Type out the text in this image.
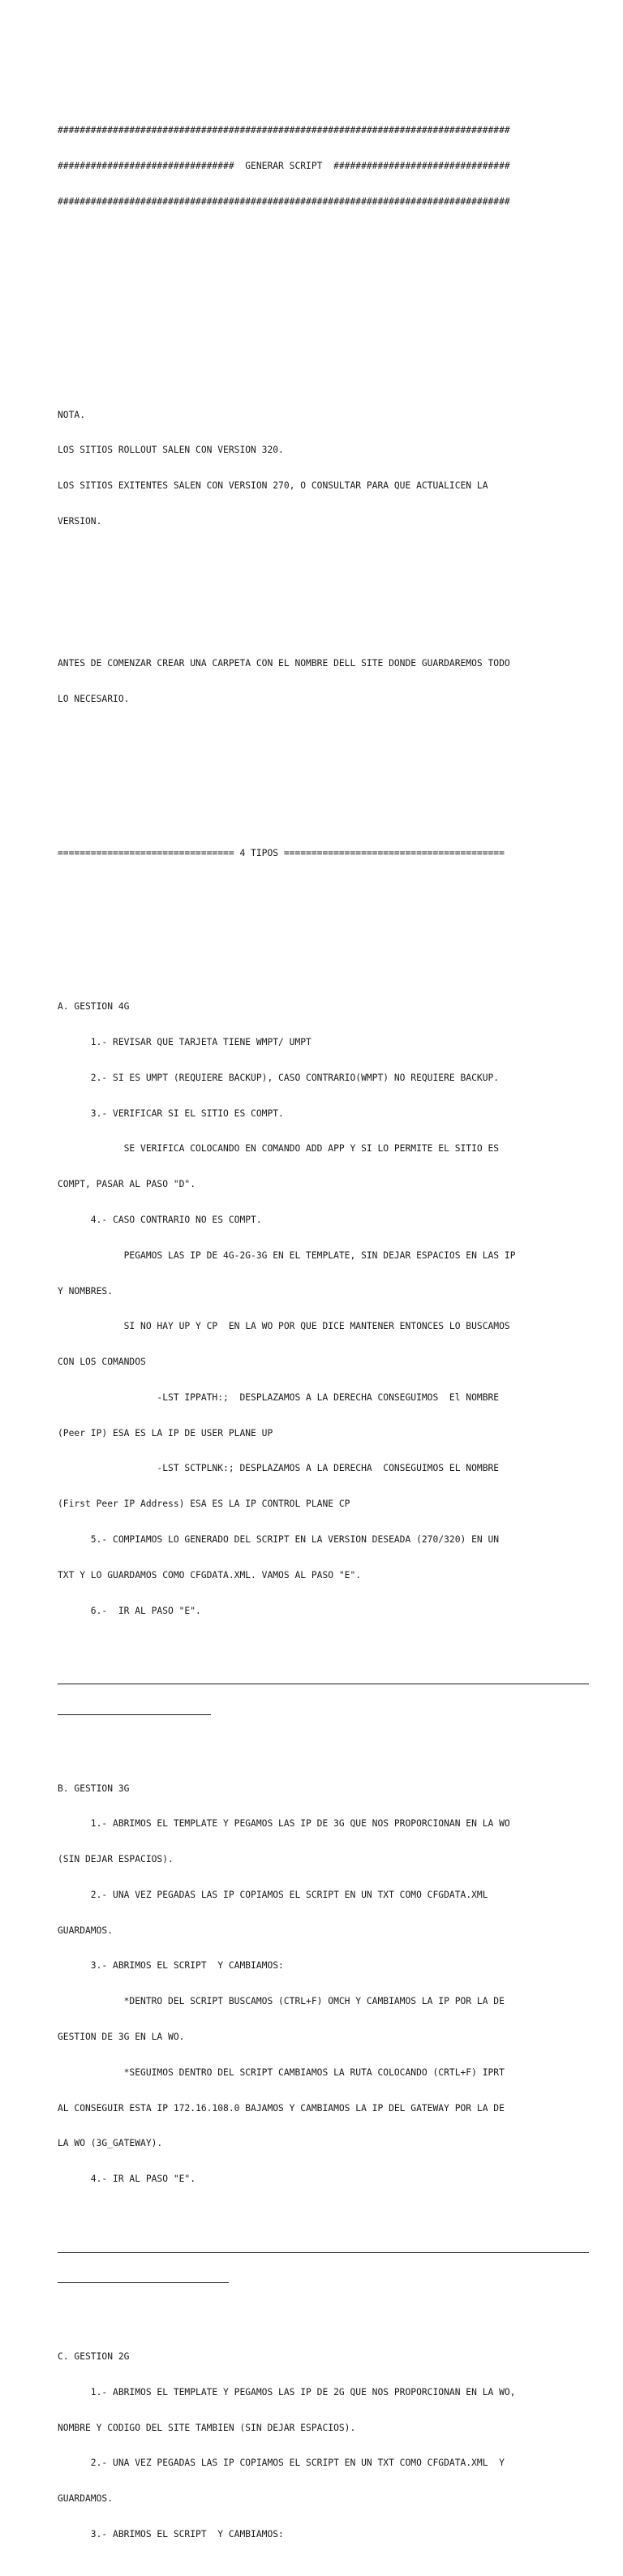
##################################################################################

################################  GENERAR SCRIPT  ################################

##################################################################################

NOTA.

LOS SITIOS ROLLOUT SALEN CON VERSION 320.

LOS SITIOS EXITENTES SALEN CON VERSION 270, O CONSULTAR PARA QUE ACTUALICEN LA

VERSION.

ANTES DE COMENZAR CREAR UNA CARPETA CON EL NOMBRE DELL SITE DONDE GUARDAREMOS TODO

LO NECESARIO.

================================ 4 TIPOS ========================================

A. GESTION 4G

1.- REVISAR QUE TARJETA TIENE WMPT/ UMPT

2.- SI ES UMPT (REQUIERE BACKUP), CASO CONTRARIO(WMPT) NO REQUIERE BACKUP.

3.- VERIFICAR SI EL SITIO ES COMPT.

SE VERIFICA COLOCANDO EN COMANDO ADD APP Y SI LO PERMITE EL SITIO ES

COMPT, PASAR AL PASO "D".

4.- CASO CONTRARIO NO ES COMPT.

PEGAMOS LAS IP DE 4G-2G-3G EN EL TEMPLATE, SIN DEJAR ESPACIOS EN LAS IP

Y NOMBRES.

SI NO HAY UP Y CP  EN LA WO POR QUE DICE MANTENER ENTONCES LO BUSCAMOS

CON LOS COMANDOS

-LST IPPATH:;  DESPLAZAMOS A LA DERECHA CONSEGUIMOS  El NOMBRE

(Peer IP) ESA ES LA IP DE USER PLANE UP

-LST SCTPLNK:; DESPLAZAMOS A LA DERECHA  CONSEGUIMOS EL NOMBRE

(First Peer IP Address) ESA ES LA IP CONTROL PLANE CP

5.- COMPIAMOS LO GENERADO DEL SCRIPT EN LA VERSION DESEADA (270/320) EN UN

TXT Y LO GUARDAMOS COMO CFGDATA.XML. VAMOS AL PASO "E".

6.-  IR AL PASO "E".

B. GESTION 3G

1.- ABRIMOS EL TEMPLATE Y PEGAMOS LAS IP DE 3G QUE NOS PROPORCIONAN EN LA WO

(SIN DEJAR ESPACIOS).

2.- UNA VEZ PEGADAS LAS IP COPIAMOS EL SCRIPT EN UN TXT COMO CFGDATA.XML

GUARDAMOS.

3.- ABRIMOS EL SCRIPT  Y CAMBIAMOS:

*DENTRO DEL SCRIPT BUSCAMOS (CTRL+F) OMCH Y CAMBIAMOS LA IP POR LA DE

GESTION DE 3G EN LA WO.

*SEGUIMOS DENTRO DEL SCRIPT CAMBIAMOS LA RUTA COLOCANDO (CRTL+F) IPRT

AL CONSEGUIR ESTA IP 172.16.108.0 BAJAMOS Y CAMBIAMOS LA IP DEL GATEWAY POR LA DE

LA WO (3G_GATEWAY).

4.- IR AL PASO "E".

C. GESTION 2G

1.- ABRIMOS EL TEMPLATE Y PEGAMOS LAS IP DE 2G QUE NOS PROPORCIONAN EN LA WO,

NOMBRE Y CODIGO DEL SITE TAMBIEN (SIN DEJAR ESPACIOS).

2.- UNA VEZ PEGADAS LAS IP COPIAMOS EL SCRIPT EN UN TXT COMO CFGDATA.XML  Y

GUARDAMOS.

3.- ABRIMOS EL SCRIPT  Y CAMBIAMOS:
